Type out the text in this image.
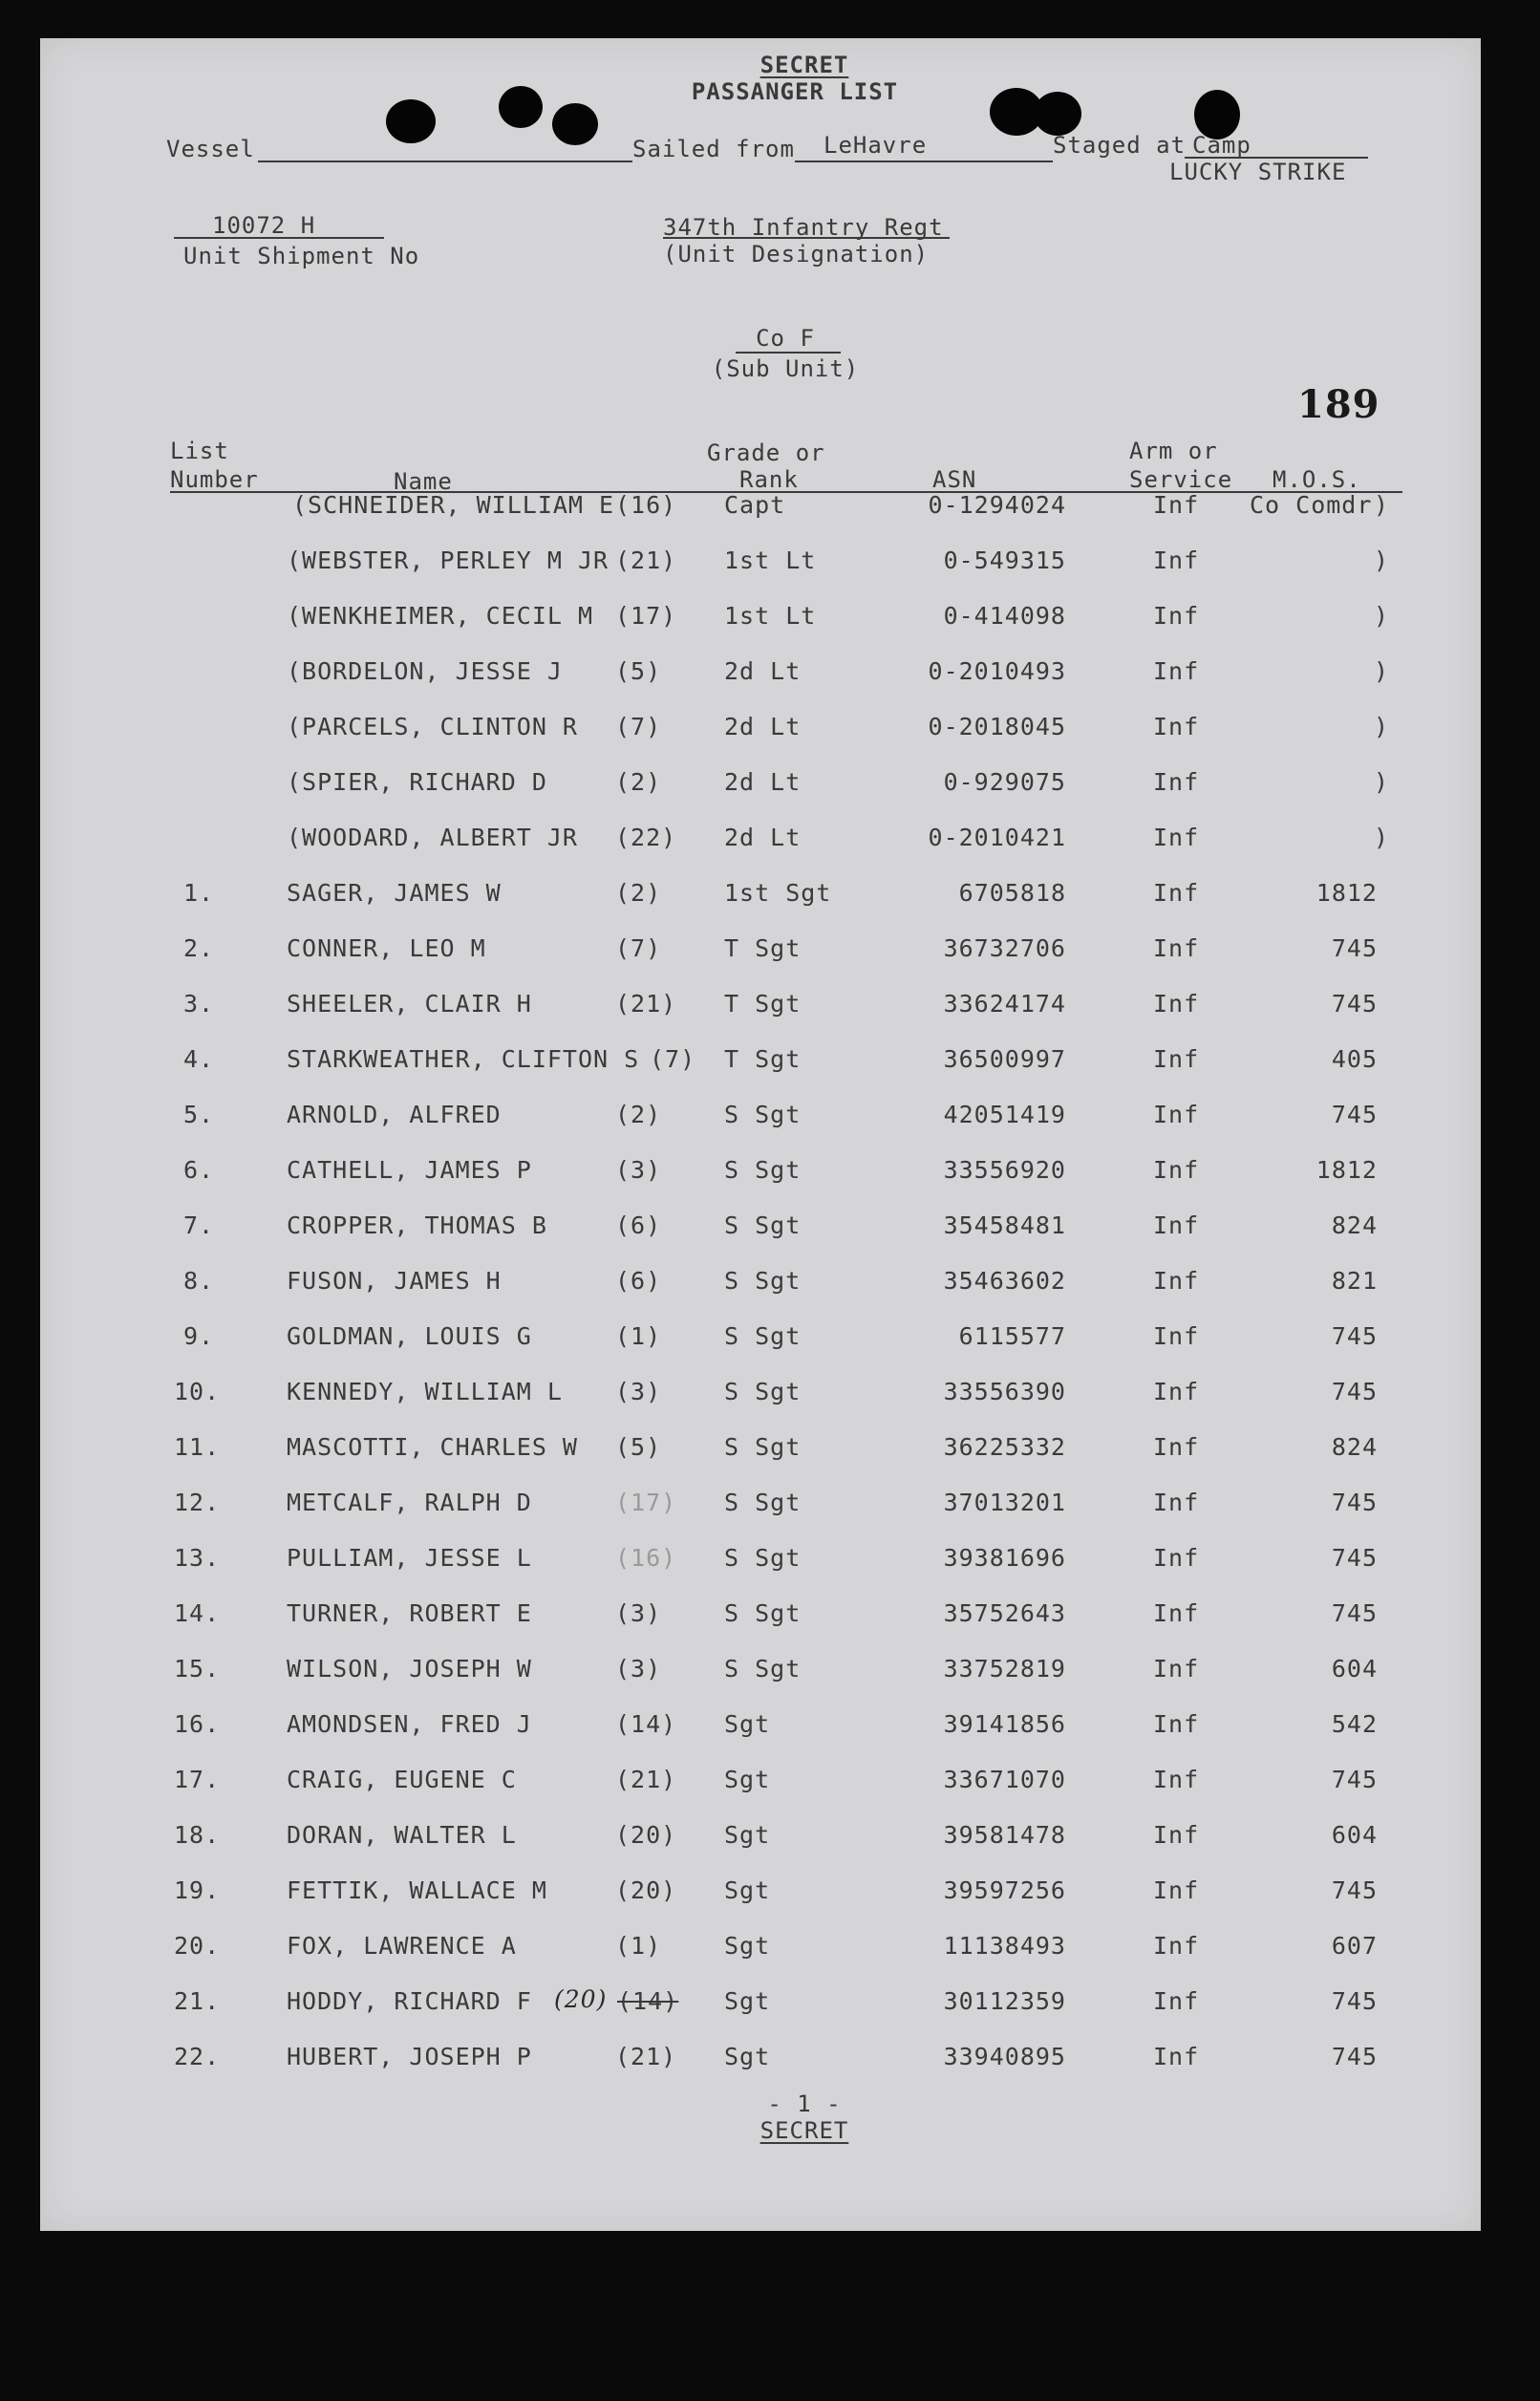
SECRET
PASSANGER LIST
Vessel	Sailed from LeHavre	Staged at Camp
LUCKY STRIKE
10072 H
Unit Shipment No
347th Infantry Regt
(Unit Designation)
Co F
(Sub Unit)
189
List
Number	Name
Grade or
Rank	ASN
Arm or
Service M.O.S.
(SCHNEIDER, WILLIAM E (16) Capt	0-1294024	Inf Co Comdr )
(WEBSTER, PERLEY M JR (21) 1st Lt	0-549315	Inf	)
(WENKHEIMER, CECIL M (17) 1st Lt	0-414098	Inf	)
(BORDELON, JESSE J (5)	2d Lt	0-2010493	Inf	)
(PARCELS, CLINTON R (7)	2d Lt	0-2018045	Inf	)
(SPIER, RICHARD D	(2)	2d Lt	0-929075	Inf	)
(WOODARD, ALBERT JR (22) 2d Lt	0-2010421	Inf	)
1.	SAGER, JAMES W	(2)	1st Sgt	6705818	Inf	1812
2.	CONNER, LEO M	(7)	T Sgt	36732706	Inf	745
3.	SHEELER, CLAIR H	(21) T Sgt	33624174	Inf	745
4.	STARKWEATHER, CLIFTON S (7) T Sgt	36500997	Inf	405
5.	ARNOLD, ALFRED	(2)	S Sgt	42051419	Inf	745
6.	CATHELL, JAMES P	(3)	S Sgt	33556920	Inf	1812
7.	CROPPER, THOMAS B	(6)	S Sgt	35458481	Inf	824
8.	FUSON, JAMES H	(6)	S Sgt	35463602	Inf	821
9.	GOLDMAN, LOUIS G	(1)	S Sgt	6115577	Inf	745
10.	KENNEDY, WILLIAM L (3)	S Sgt	33556390	Inf	745
11.	MASCOTTI, CHARLES W (5)	S Sgt	36225332	Inf	824
12.	METCALF, RALPH D	(17) S Sgt	37013201	Inf	745
13.	PULLIAM, JESSE L	(16) S Sgt	39381696	Inf	745
14.	TURNER, ROBERT E	(3)	S Sgt	35752643	Inf	745
15.	WILSON, JOSEPH W	(3)	S Sgt	33752819	Inf	604
16.	AMONDSEN, FRED J	(14) Sgt	39141856	Inf	542
17.	CRAIG, EUGENE C	(21) Sgt	33671070	Inf	745
18.	DORAN, WALTER L	(20) Sgt	39581478	Inf	604
19.	FETTIK, WALLACE M	(20) Sgt	39597256	Inf	745
20.	FOX, LAWRENCE A	(1)	Sgt	11138493	Inf	607
21.	HODDY, RICHARD F (20) (14) Sgt	30112359	Inf	745
22.	HUBERT, JOSEPH P	(21) Sgt	33940895	Inf	745
- 1 -
SECRET
